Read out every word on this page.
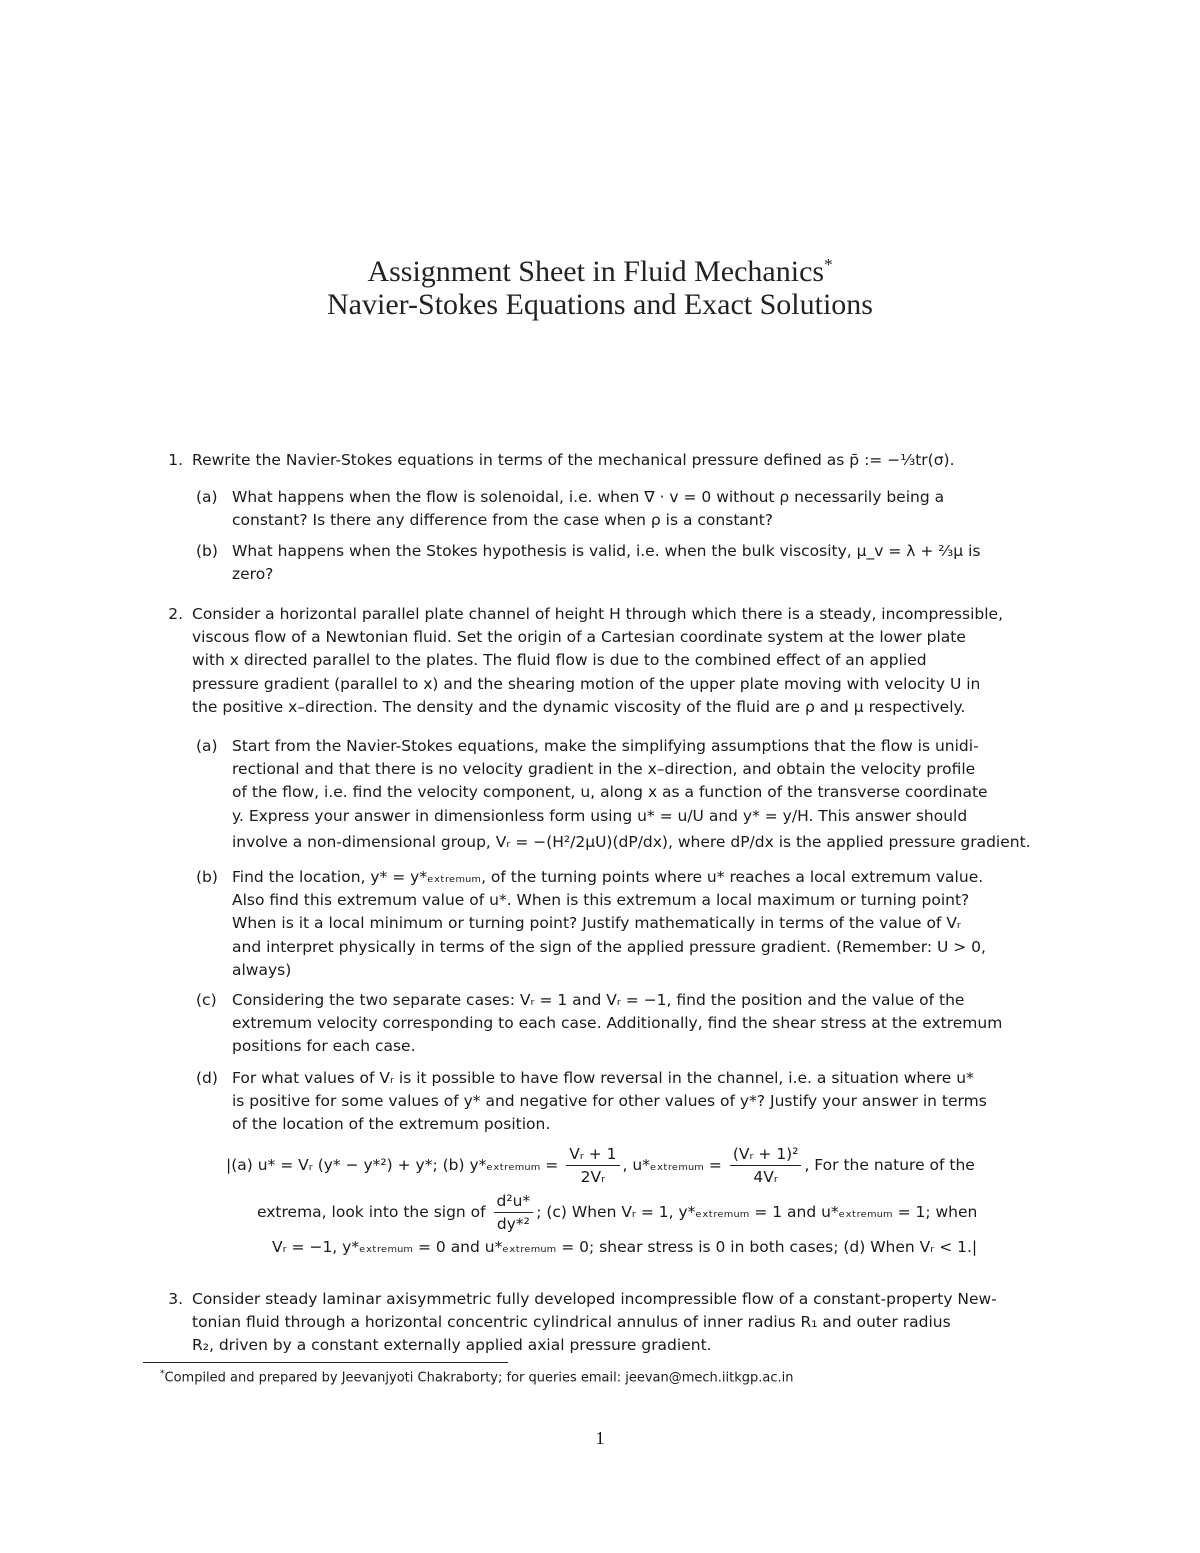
Assignment Sheet in Fluid Mechanics*
Navier-Stokes Equations and Exact Solutions
1. Rewrite the Navier-Stokes equations in terms of the mechanical pressure defined as p̄ := −⅓tr(σ).
(a) What happens when the flow is solenoidal, i.e. when ∇ · v = 0 without ρ necessarily being a
constant? Is there any difference from the case when ρ is a constant?
(b) What happens when the Stokes hypothesis is valid, i.e. when the bulk viscosity, μ_v = λ + ⅔μ is
zero?
2. Consider a horizontal parallel plate channel of height H through which there is a steady, incompressible,
viscous flow of a Newtonian fluid. Set the origin of a Cartesian coordinate system at the lower plate
with x directed parallel to the plates. The fluid flow is due to the combined effect of an applied
pressure gradient (parallel to x) and the shearing motion of the upper plate moving with velocity U in
the positive x–direction. The density and the dynamic viscosity of the fluid are ρ and μ respectively.
(a) Start from the Navier-Stokes equations, make the simplifying assumptions that the flow is unidi-
rectional and that there is no velocity gradient in the x–direction, and obtain the velocity profile
of the flow, i.e. find the velocity component, u, along x as a function of the transverse coordinate
y. Express your answer in dimensionless form using u* = u/U and y* = y/H. This answer should
involve a non-dimensional group, Vᵣ = −(H²/2μU)(dP/dx), where dP/dx is the applied pressure gradient.
(b) Find the location, y* = y*ₑₓₜᵣₑₘᵤₘ, of the turning points where u* reaches a local extremum value.
Also find this extremum value of u*. When is this extremum a local maximum or turning point?
When is it a local minimum or turning point? Justify mathematically in terms of the value of Vᵣ
and interpret physically in terms of the sign of the applied pressure gradient. (Remember: U > 0,
always)
(c) Considering the two separate cases: Vᵣ = 1 and Vᵣ = −1, find the position and the value of the
extremum velocity corresponding to each case. Additionally, find the shear stress at the extremum
positions for each case.
(d) For what values of Vᵣ is it possible to have flow reversal in the channel, i.e. a situation where u*
is positive for some values of y* and negative for other values of y*? Justify your answer in terms
of the location of the extremum position.
|(a) u* = Vᵣ (y* − y*²) + y*; (b) y*ₑₓₜᵣₑₘᵤₘ = $\frac{\text{Vᵣ + 1}}{\text{2Vᵣ}}$ , u*ₑₓₜᵣₑₘᵤₘ = $\frac{\text{(Vᵣ + 1)²}}{\text{4Vᵣ}}$ , For the nature of the
extrema, look into the sign of $\frac{\text{d²u*}}{\text{dy*²}}$ ; (c) When Vᵣ = 1, y*ₑₓₜᵣₑₘᵤₘ = 1 and u*ₑₓₜᵣₑₘᵤₘ = 1; when
Vᵣ = −1, y*ₑₓₜᵣₑₘᵤₘ = 0 and u*ₑₓₜᵣₑₘᵤₘ = 0; shear stress is 0 in both cases; (d) When Vᵣ < 1.|
3. Consider steady laminar axisymmetric fully developed incompressible flow of a constant-property New-
tonian fluid through a horizontal concentric cylindrical annulus of inner radius R₁ and outer radius
R₂, driven by a constant externally applied axial pressure gradient.
*Compiled and prepared by Jeevanjyoti Chakraborty; for queries email: jeevan@mech.iitkgp.ac.in
1
